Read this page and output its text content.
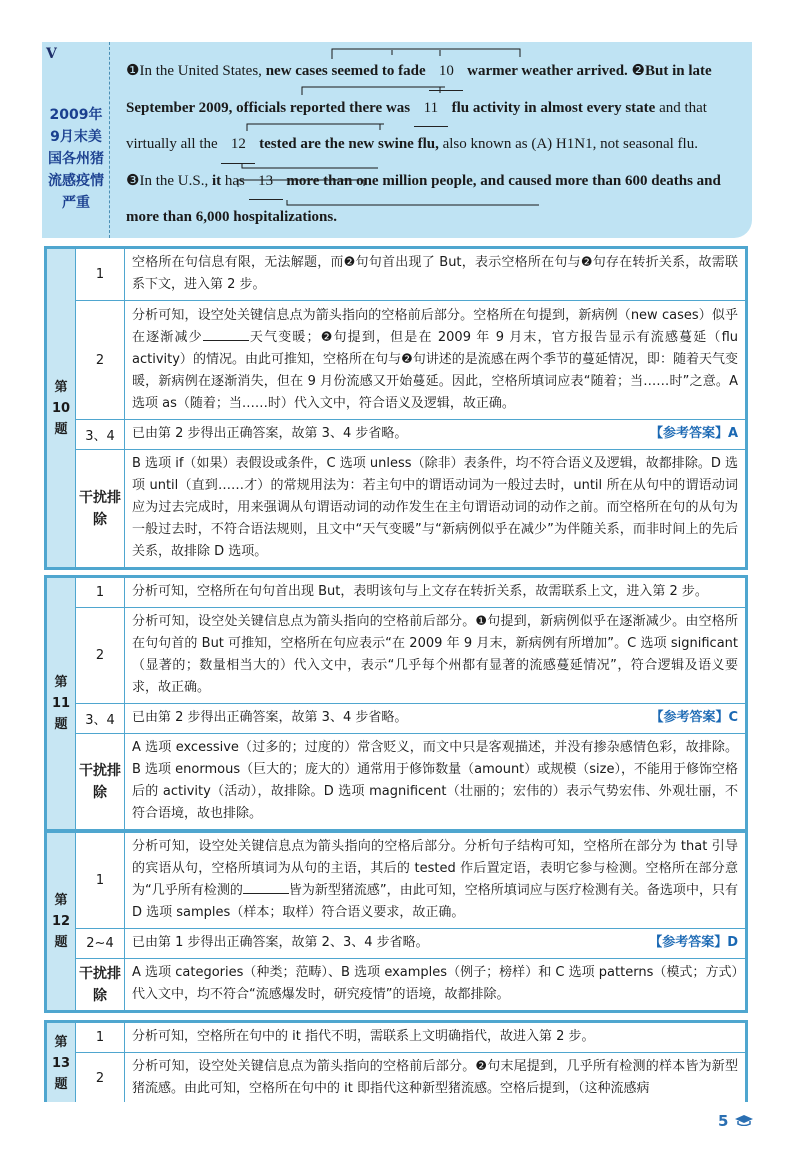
V
2009年9月末美国各州猪流感疫情严重
❶In the United States, new cases seemed to fade 10 warmer weather arrived. ❷But in late September 2009, officials reported there was 11 flu activity in almost every state and that virtually all the 12 tested are the new swine flu, also known as (A) H1N1, not seasonal flu.
❸In the U.S., it has 13 more than one million people, and caused more than 600 deaths and more than 6,000 hospitalizations.
第
10
题	1	空格所在句信息有限，无法解题，而❷句句首出现了 But，表示空格所在句与❷句存在转折关系，故需联系下文，进入第 2 步。
	2	分析可知，设空处关键信息点为箭头指向的空格前后部分。空格所在句提到，新病例（new cases）似乎在逐渐减少 天气变暖；❷句提到，但是在 2009 年 9 月末，官方报告显示有流感蔓延（flu activity）的情况。由此可推知，空格所在句与❷句讲述的是流感在两个季节的蔓延情况，即：随着天气变暖，新病例在逐渐消失，但在 9 月份流感又开始蔓延。因此，空格所填词应表“随着；当……时”之意。A 选项 as（随着；当……时）代入文中，符合语义及逻辑，故正确。
	3、4	已由第 2 步得出正确答案，故第 3、4 步省略。 【参考答案】A

	干扰排除	B 选项 if（如果）表假设或条件，C 选项 unless（除非）表条件，均不符合语义及逻辑，故都排除。D 选项 until（直到……才）的常规用法为：若主句中的谓语动词为一般过去时，until 所在从句中的谓语动词应为过去完成时，用来强调从句谓语动词的动作发生在主句谓语动词的动作之前。而空格所在句的从句为一般过去时，不符合语法规则，且文中“天气变暖”与“新病例似乎在减少”为伴随关系，而非时间上的先后关系，故排除 D 选项。
第
11
题	1	分析可知，空格所在句句首出现 But，表明该句与上文存在转折关系，故需联系上文，进入第 2 步。
	2	分析可知，设空处关键信息点为箭头指向的空格前后部分。❶句提到，新病例似乎在逐渐减少。由空格所在句句首的 But 可推知，空格所在句应表示“在 2009 年 9 月末，新病例有所增加”。C 选项 significant（显著的；数量相当大的）代入文中，表示“几乎每个州都有显著的流感蔓延情况”，符合逻辑及语义要求，故正确。
	3、4	已由第 2 步得出正确答案，故第 3、4 步省略。 【参考答案】C

	干扰排除	A 选项 excessive（过多的；过度的）常含贬义，而文中只是客观描述，并没有掺杂感情色彩，故排除。B 选项 enormous（巨大的；庞大的）通常用于修饰数量（amount）或规模（size），不能用于修饰空格后的 activity（活动），故排除。D 选项 magnificent（壮丽的；宏伟的）表示气势宏伟、外观壮丽，不符合语境，故也排除。
第
12
题	1	分析可知，设空处关键信息点为箭头指向的空格后部分。分析句子结构可知，空格所在部分为 that 引导的宾语从句，空格所填词为从句的主语，其后的 tested 作后置定语，表明它参与检测。空格所在部分意为“几乎所有检测的 皆为新型猪流感”，由此可知，空格所填词应与医疗检测有关。备选项中，只有 D 选项 samples（样本；取样）符合语义要求，故正确。
	2~4	已由第 1 步得出正确答案，故第 2、3、4 步省略。 【参考答案】D

	干扰排除	A 选项 categories（种类；范畴）、B 选项 examples（例子；榜样）和 C 选项 patterns（模式；方式）代入文中，均不符合“流感爆发时，研究疫情”的语境，故都排除。
第
13
题	1	分析可知，空格所在句中的 it 指代不明，需联系上文明确指代，故进入第 2 步。
	2	分析可知，设空处关键信息点为箭头指向的空格前后部分。❷句末尾提到，几乎所有检测的样本皆为新型猪流感。由此可知，空格所在句中的 it 即指代这种新型猪流感。空格后提到，（这种流感病
5
